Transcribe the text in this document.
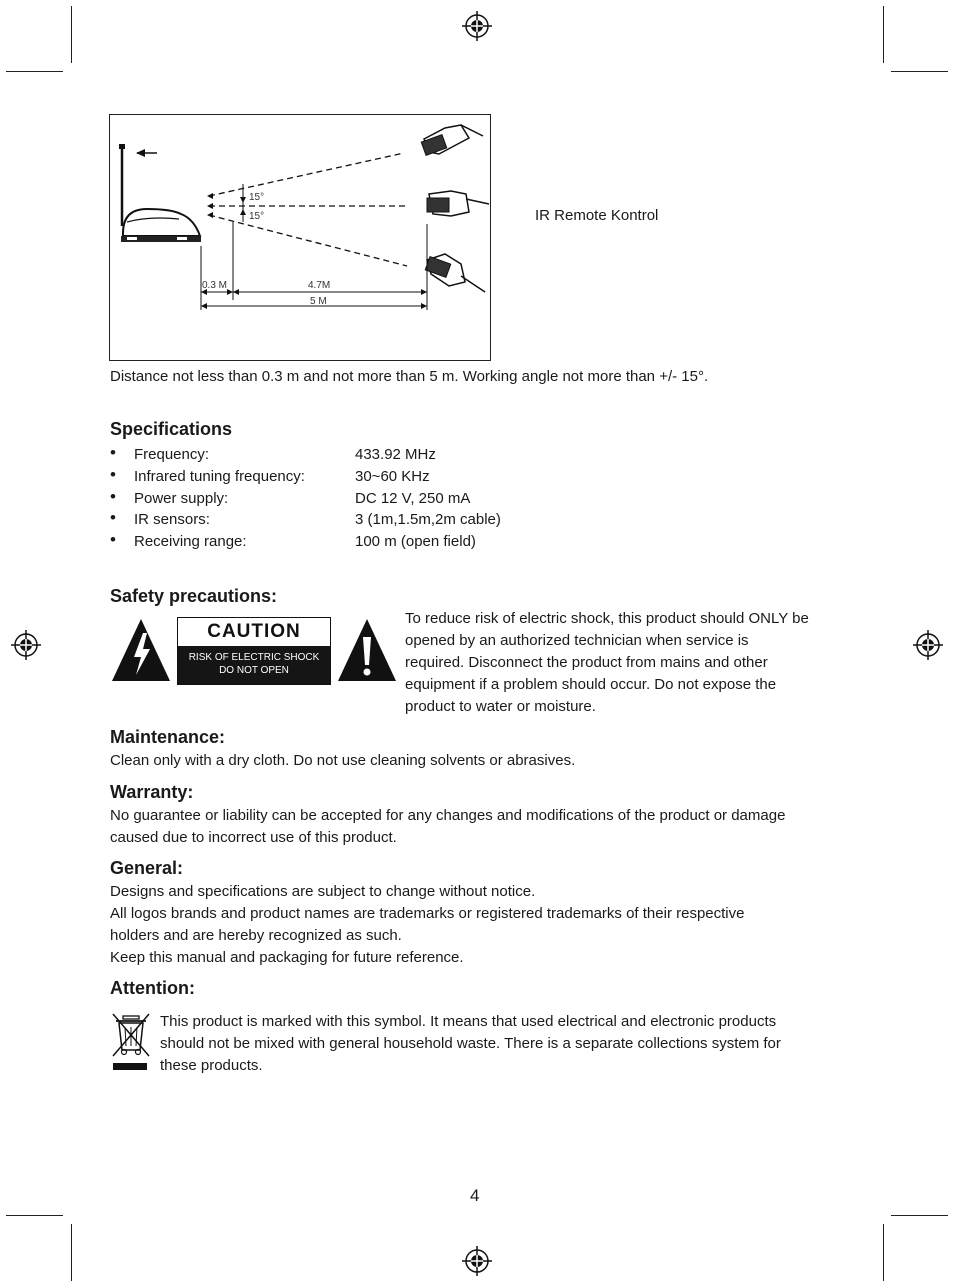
15°
15°
0.3 M	4.7M
5 M
IR Remote Kontrol
Distance not less than 0.3 m and not more than 5 m. Working angle not more than +/- 15°.
Specifications
• Frequency:	433.92 MHz
• Infrared tuning frequency:	30~60 KHz
• Power supply:	DC 12 V, 250 mA
• IR sensors:	3 (1m,1.5m,2m cable)
• Receiving range:	100 m (open field)
Safety precautions:
CAUTION
RISK OF ELECTRIC SHOCK
DO NOT OPEN
To reduce risk of electric shock, this product should ONLY be
opened by an authorized technician when service is
required. Disconnect the product from mains and other
equipment if a problem should occur. Do not expose the
product to water or moisture.
Maintenance:
Clean only with a dry cloth. Do not use cleaning solvents or abrasives.
Warranty:
No guarantee or liability can be accepted for any changes and modifications of the product or damage
caused due to incorrect use of this product.
General:
Designs and specifications are subject to change without notice.
All logos brands and product names are trademarks or registered trademarks of their respective
holders and are hereby recognized as such.
Keep this manual and packaging for future reference.
Attention:
This product is marked with this symbol. It means that used electrical and electronic products
should not be mixed with general household waste. There is a separate collections system for
these products.
4
